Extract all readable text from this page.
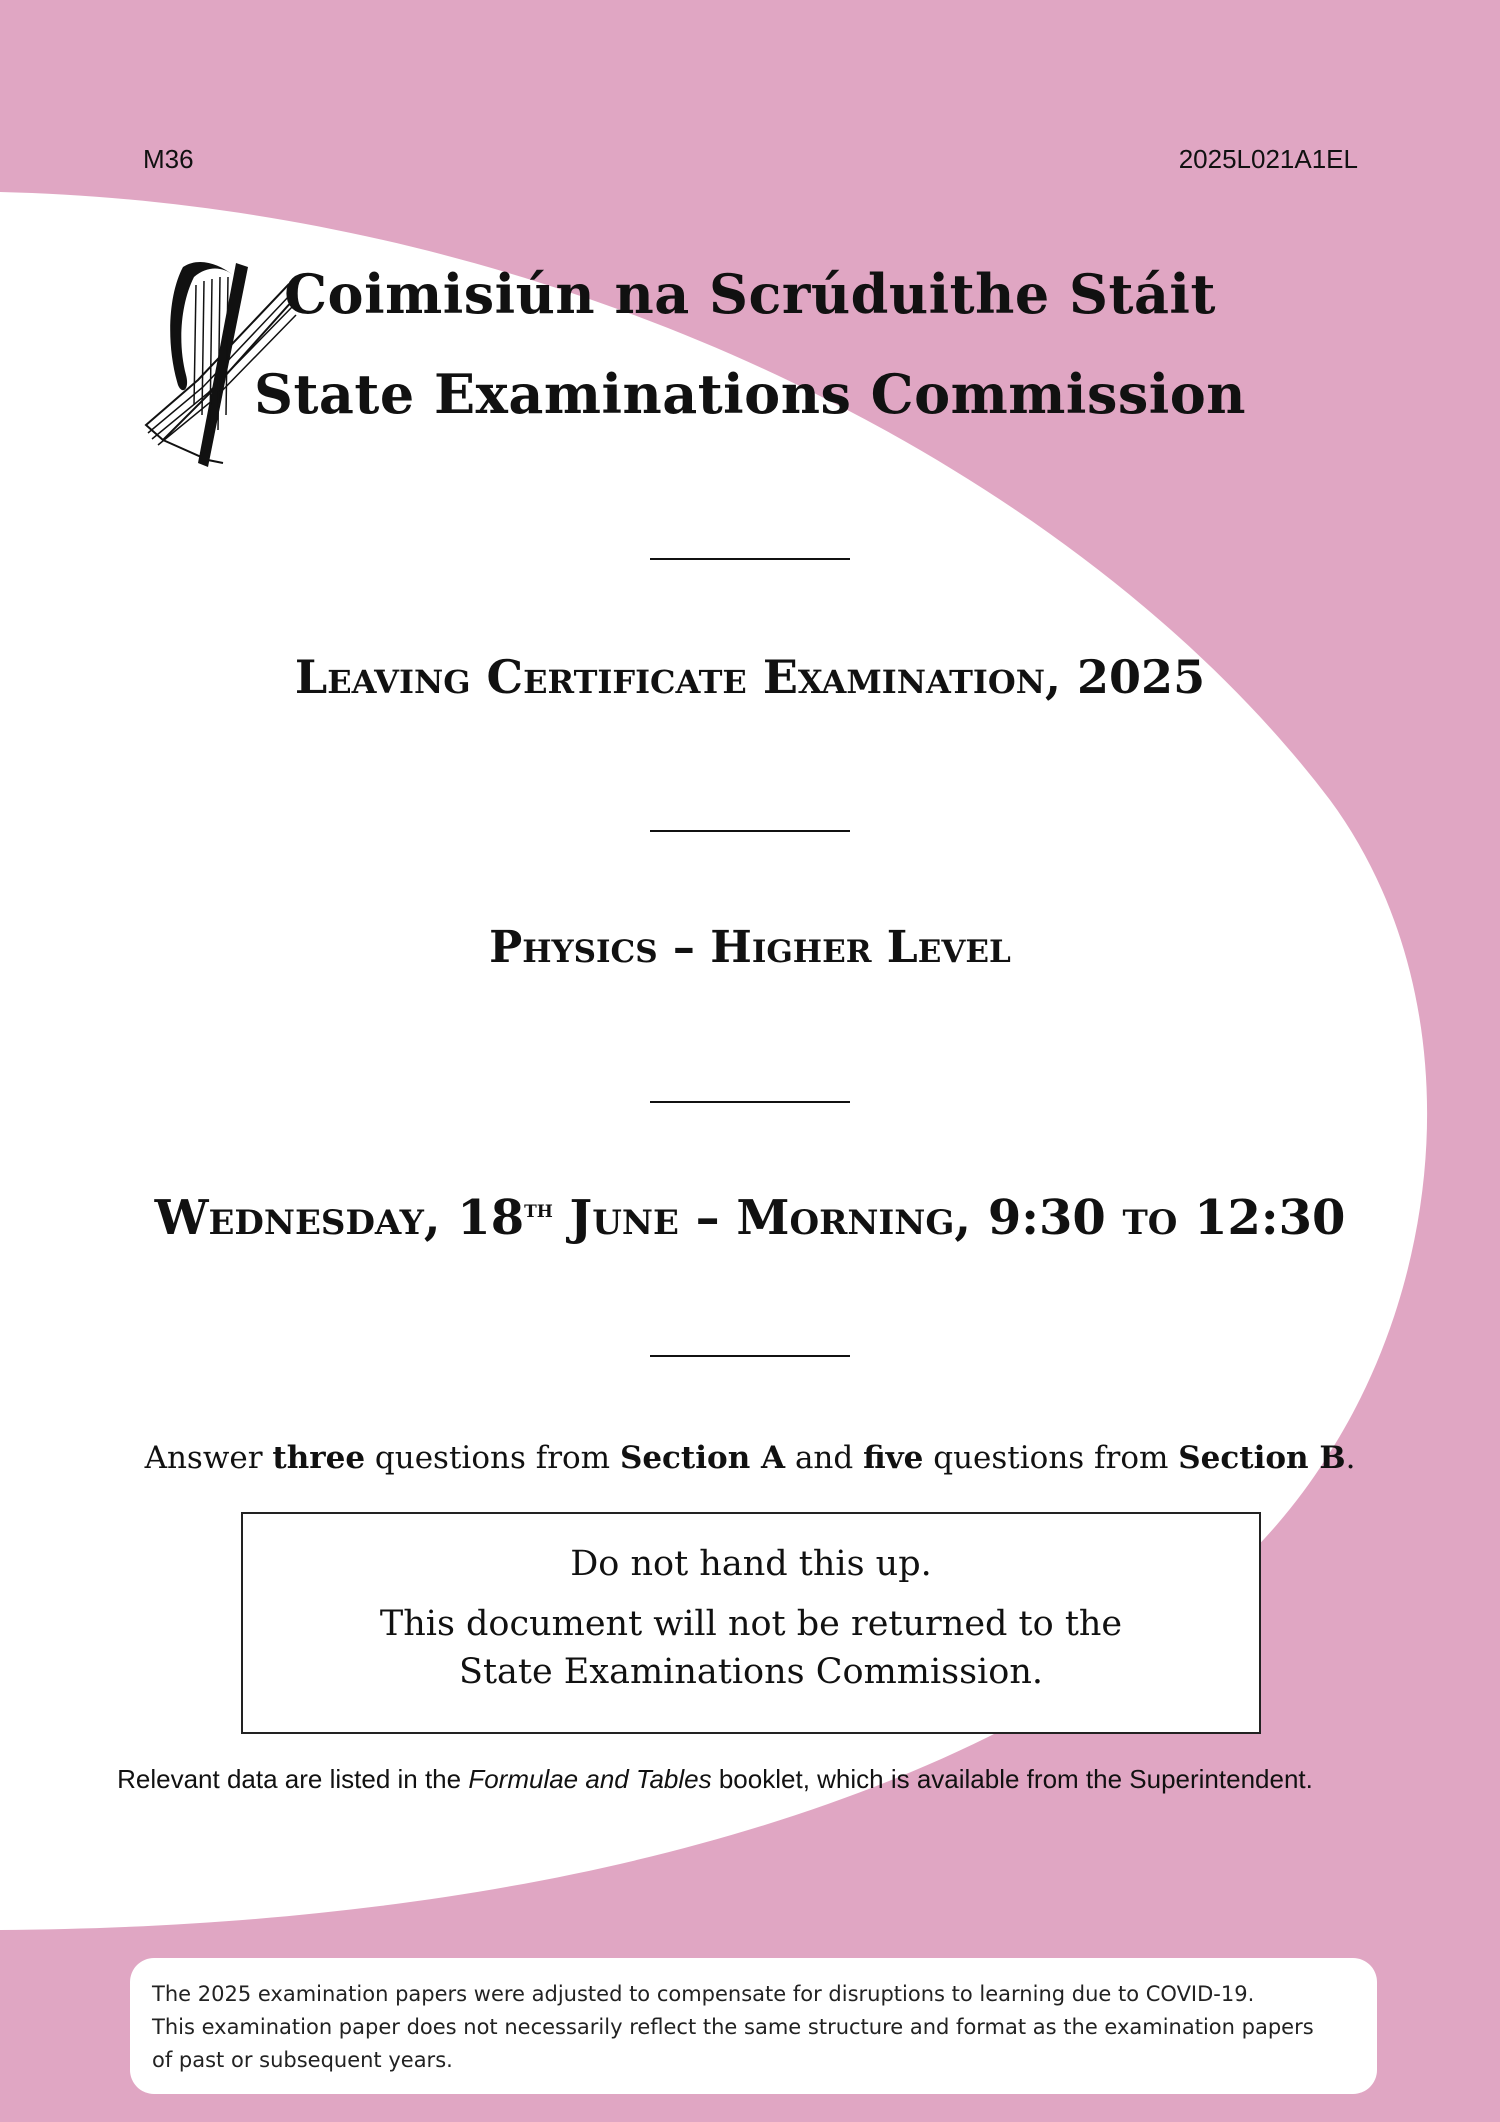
M36	2025L021A1EL
Coimisiún na Scrúduithe Stáit
State Examinations Commission
Leaving Certificate Examination, 2025
Physics – Higher Level
Wednesday, 18th June – Morning, 9:30 to 12:30
Answer three questions from Section A and five questions from Section B.
Do not hand this up.
This document will not be returned to the
State Examinations Commission.
Relevant data are listed in the Formulae and Tables booklet, which is available from the Superintendent.
The 2025 examination papers were adjusted to compensate for disruptions to learning due to COVID-19.
This examination paper does not necessarily reflect the same structure and format as the examination papers
of past or subsequent years.
